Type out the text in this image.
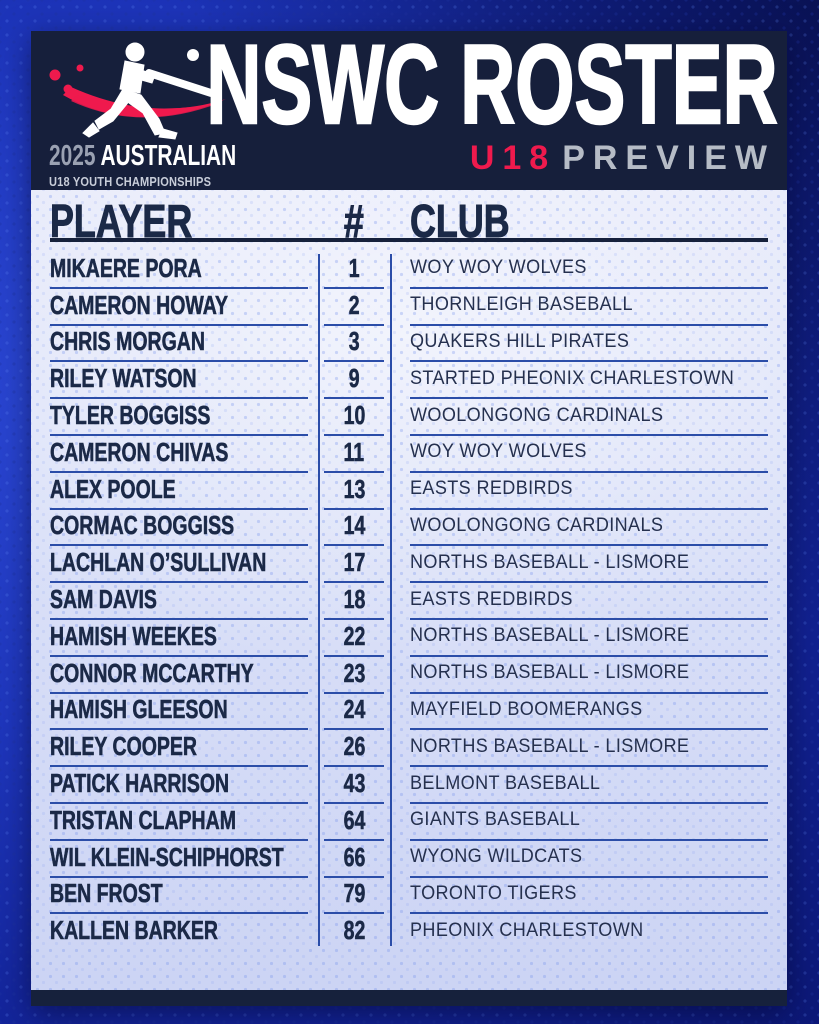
2025 AUSTRALIAN
U18 YOUTH CHAMPIONSHIPS
NSWC ROSTER
U18 PREVIEW
PLAYER	# CLUB
MIKAERE PORA	1	WOY WOY WOLVES
CAMERON HOWAY	2	THORNLEIGH BASEBALL
CHRIS MORGAN	3	QUAKERS HILL PIRATES
RILEY WATSON	9	STARTED PHEONIX CHARLESTOWN
TYLER BOGGISS	10 WOOLONGONG CARDINALS
CAMERON CHIVAS	11 WOY WOY WOLVES
ALEX POOLE	13 EASTS REDBIRDS
CORMAC BOGGISS	14 WOOLONGONG CARDINALS
LACHLAN O’SULLIVAN	17 NORTHS BASEBALL - LISMORE
SAM DAVIS	18 EASTS REDBIRDS
HAMISH WEEKES	22 NORTHS BASEBALL - LISMORE
CONNOR MCCARTHY	23 NORTHS BASEBALL - LISMORE
HAMISH GLEESON	24 MAYFIELD BOOMERANGS
RILEY COOPER	26 NORTHS BASEBALL - LISMORE
PATICK HARRISON	43 BELMONT BASEBALL
TRISTAN CLAPHAM	64 GIANTS BASEBALL
WIL KLEIN-SCHIPHORST 66 WYONG WILDCATS
BEN FROST	79 TORONTO TIGERS
KALLEN BARKER	82 PHEONIX CHARLESTOWN
